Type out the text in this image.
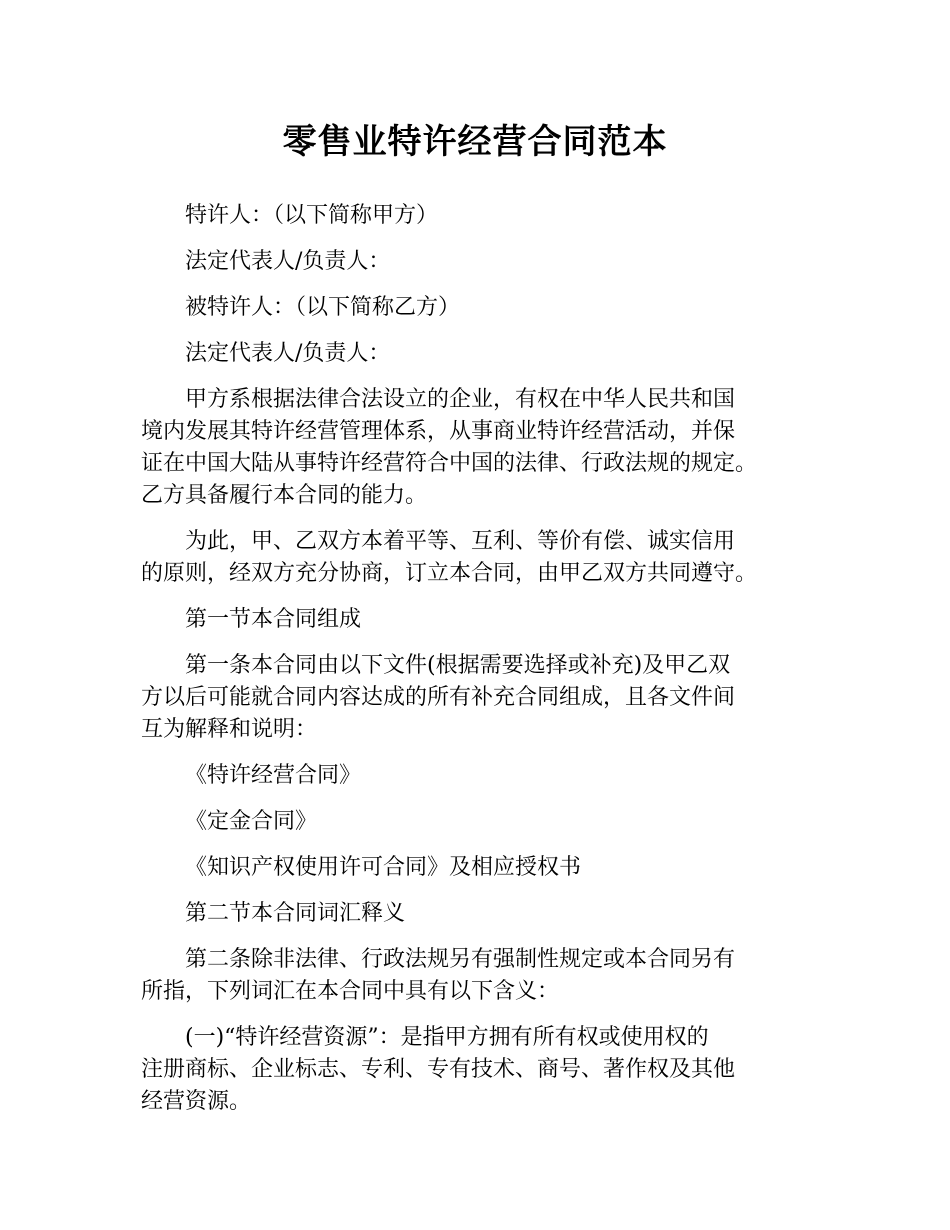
零售业特许经营合同范本

特许人：（以下简称甲方）

法定代表人/负责人：

被特许人：（以下简称乙方）

法定代表人/负责人：

甲方系根据法律合法设立的企业，有权在中华人民共和国
境内发展其特许经营管理体系，从事商业特许经营活动，并保
证在中国大陆从事特许经营符合中国的法律、行政法规的规定。
乙方具备履行本合同的能力。

为此，甲、乙双方本着平等、互利、等价有偿、诚实信用
的原则，经双方充分协商，订立本合同，由甲乙双方共同遵守。

第一节本合同组成

第一条本合同由以下文件(根据需要选择或补充)及甲乙双
方以后可能就合同内容达成的所有补充合同组成，且各文件间
互为解释和说明：

《特许经营合同》

《定金合同》

《知识产权使用许可合同》及相应授权书

第二节本合同词汇释义

第二条除非法律、行政法规另有强制性规定或本合同另有
所指，下列词汇在本合同中具有以下含义：

(一)“特许经营资源”：是指甲方拥有所有权或使用权的
注册商标、企业标志、专利、专有技术、商号、著作权及其他
经营资源。
